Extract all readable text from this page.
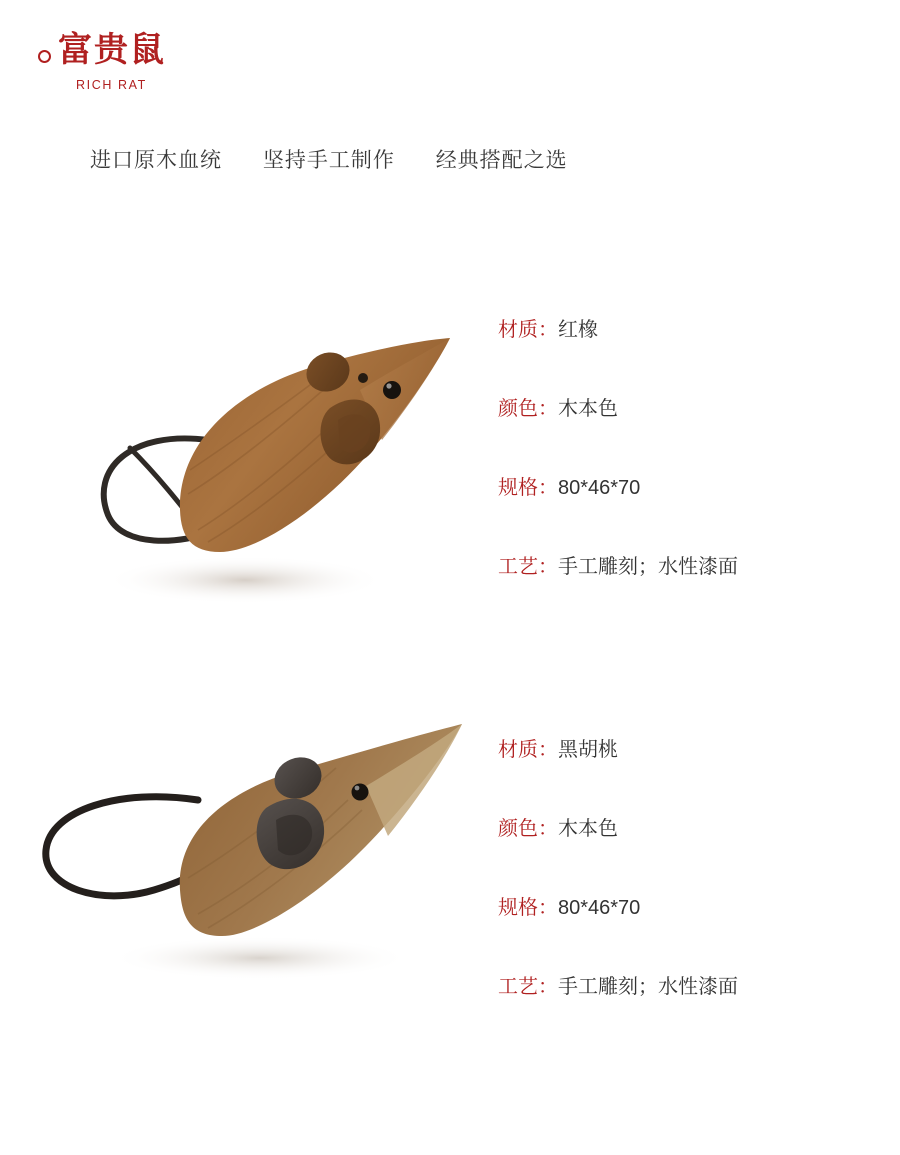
富贵鼠
RICH RAT
进口原木血统 坚持手工制作 经典搭配之选
材质：红橡
颜色：木本色
规格：80*46*70
工艺：手工雕刻；水性漆面
材质：黑胡桃
颜色：木本色
规格：80*46*70
工艺：手工雕刻；水性漆面
